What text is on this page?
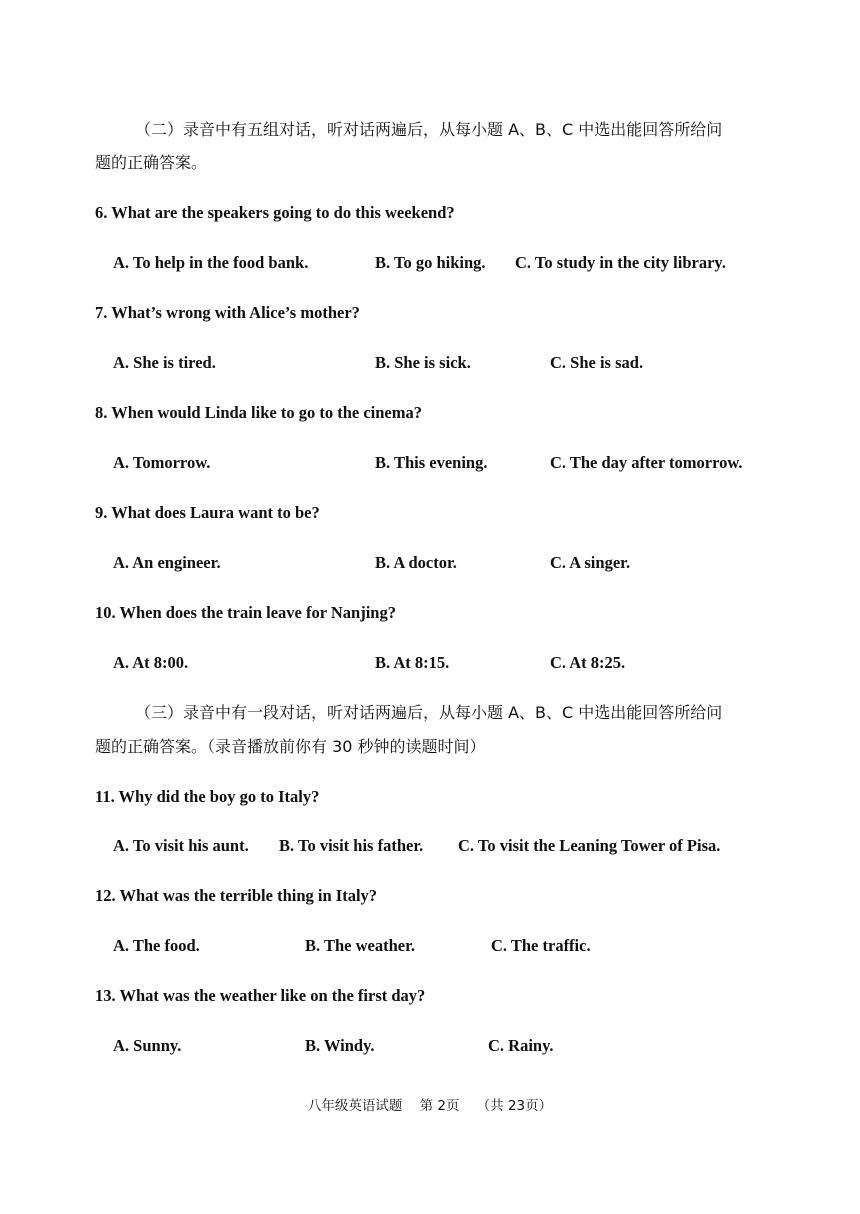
（二）录音中有五组对话，听对话两遍后，从每小题 A、B、C 中选出能回答所给问
题的正确答案。
6. What are the speakers going to do this weekend?
A. To help in the food bank.	B. To go hiking. C. To study in the city library.
7. What’s wrong with Alice’s mother?
A. She is tired.	B. She is sick.	C. She is sad.
8. When would Linda like to go to the cinema?
A. Tomorrow.	B. This evening.	C. The day after tomorrow.
9. What does Laura want to be?
A. An engineer.	B. A doctor.	C. A singer.
10. When does the train leave for Nanjing?
A. At 8:00.	B. At 8:15.	C. At 8:25.
（三）录音中有一段对话，听对话两遍后，从每小题 A、B、C 中选出能回答所给问
题的正确答案。（录音播放前你有 30 秒钟的读题时间）
11. Why did the boy go to Italy?
A. To visit his aunt. B. To visit his father. C. To visit the Leaning Tower of Pisa.
12. What was the terrible thing in Italy?
A. The food.	B. The weather.	C. The traffic.
13. What was the weather like on the first day?
A. Sunny.	B. Windy.	C. Rainy.
八年级英语试题    第 2页    （共 23页）
